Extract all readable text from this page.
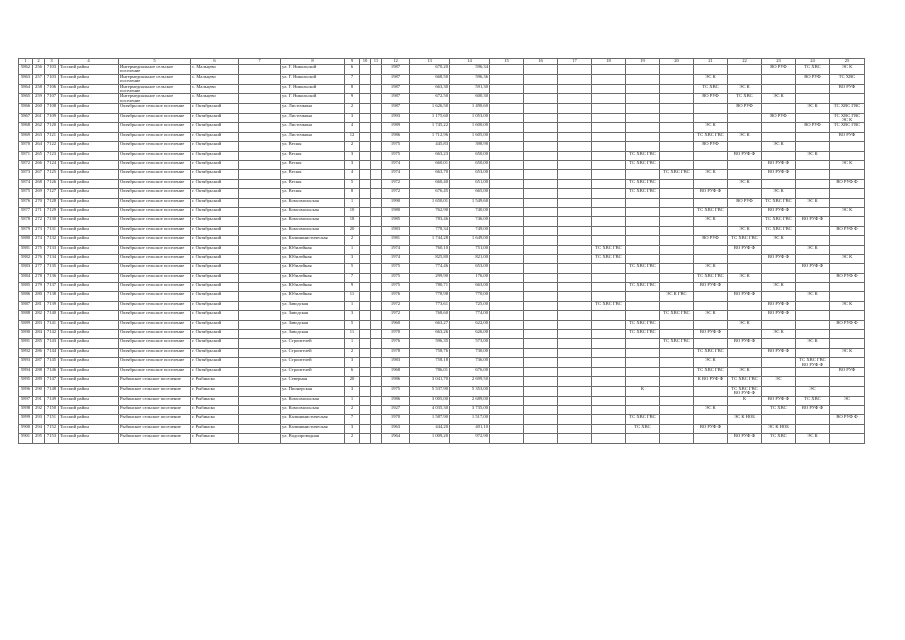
1	2	3	4	5	6	7	8	9	10	11	12	13	14	15	16	17	18	19	20	21	22	23	24	25
5862	256	7103	Тосский район	Интермедиальное сельское поселение	с. Мальцево		ул. Г. Никольской	6			1987	670,20	596,34									ВО РУФ	ТС ХВС	ЭС К
5863	257	7103	Тосский район	Интермедиальное сельское поселение	с. Мальцево		ул. Г. Никольской	7			1987	668,50	596,36							ЭС К			ВО РУФ	ТС ХВС
5864	258	7106	Тосский район	Интермедиальное сельское поселение	с. Мальцево		ул. Г. Никольской	8			1987	663,30	591,30							ТС ХВС	ЭС К			ВО РУФ
5865	259	7107	Тосский район	Интермедиальное сельское поселение	с. Мальцево		ул. Г. Никольской	9			1987	672,50	600,30							ВО РУФ	ТС ХВС	ЭС К		
5866	260	7108	Тосский район	Октябрьское сельское поселение	г. Октябрьский		ул. Листочкина	2			1987	1 626,50	1 490,60								ВО РУФ		ЭС К	ТС ХВС ГВС
5867	261	7109	Тосский район	Октябрьское сельское поселение	г. Октябрьский		ул. Листочкина	3			1993	1 175,60	1 053,00									ВО РУФ		ТС ХВС ГВС ЭС К
5868	262	7120	Тосский район	Октябрьское сельское поселение	г. Октябрьский		ул. Листочкина	4			1989	1 745,22	1 600,00							ЭС К			ВО РУФ	ТС ХВС ГВС
5869	263	7121	Тосский район	Октябрьское сельское поселение	г. Октябрьский		ул. Листочкина	12			1986	1 712,96	1 605,00							ТС ХВС ГВС	ЭС К			ВО РУФ
5870	264	7122	Тосский район	Октябрьское сельское поселение	г. Октябрьский		ул. Весны	2			1975	445,83	398,90							ВО РУФ		ЭС К		
5871	265	7123	Тосский район	Октябрьское сельское поселение	г. Октябрьский		ул. Весны	3			1975	663,23	650,00					ТС ХВС ГВС			ВО РУФ Ф		ЭС К	
5872	266	7124	Тосский район	Октябрьское сельское поселение	г. Октябрьский		ул. Весны	3			1974	660,01	650,00					ТС ХВС ГВС				ВО РУФ Ф		ЭС К
5873	267	7125	Тосский район	Октябрьское сельское поселение	г. Октябрьский		ул. Весны	4			1974	663,70	653,00						ТС ХВС ГВС	ЭС К		ВО РУФ Ф		
5874	268	7126	Тосский район	Октябрьское сельское поселение	г. Октябрьский		ул. Весны	5			1972	660,40	651,00					ТС ХВС ГВС			ЭС К			ВО РУФ Ф
5875	269	7127	Тосский район	Октябрьское сельское поселение	г. Октябрьский		ул. Весны	8			1972	676,45	665,00					ТС ХВС ГВС		ВО РУФ Ф		ЭС К		
5876	270	7128	Тосский район	Октябрьское сельское поселение	г. Октябрьский		ул. Комсомольская	1			1990	1 650,01	1 549,60								ВО РУФ	ТС ХВС ГВС	ЭС К	
5877	271	7129	Тосский район	Октябрьское сельское поселение	г. Октябрьский		ул. Комсомольская	10			1980	762,90	740,00							ТС ХВС ГВС		ВО РУФ Ф		ЭС К
5878	272	7130	Тосский район	Октябрьское сельское поселение	г. Октябрьский		ул. Комсомольская	18			1985	783,46	746,00							ЭС К		ТС ХВС ГВС	ВО РУФ Ф	
5879	273	7131	Тосский район	Октябрьское сельское поселение	г. Октябрьский		ул. Комсомольская	20			1983	778,34	749,00								ЭС К	ТС ХВС ГВС		ВО РУФ Ф
5880	274	7132	Тосский район	Октябрьское сельское поселение	г. Октябрьский		ул. Калининистическая	2			1981	1 744,28	1 649,00							ВО РУФ	ТС ХВС ГВС	ЭС К		
5881	275	7133	Тосский район	Октябрьское сельское поселение	г. Октябрьский		ул. Юбилейная	1			1974	760,10	751,00				ТС ХВС ГВС				ВО РУФ Ф		ЭС К	
5882	276	7134	Тосский район	Октябрьское сельское поселение	г. Октябрьский		ул. Юбилейная	3			1974	825,80	821,00				ТС ХВС ГВС					ВО РУФ Ф		ЭС К
5883	277	7135	Тосский район	Октябрьское сельское поселение	г. Октябрьский		ул. Юбилейная	5			1975	774,46	653,00					ТС ХВС ГВС		ЭС К			ВО РУФ Ф	
5884	278	7136	Тосский район	Октябрьское сельское поселение	г. Октябрьский		ул. Юбилейная	7			1975	299,90	176,00							ТС ХВС ГВС	ЭС К			ВО РУФ Ф
5885	279	7137	Тосский район	Октябрьское сельское поселение	г. Октябрьский		ул. Юбилейная	9			1975	780,71	663,00					ТС ХВС ГВС		ВО РУФ Ф		ЭС К		
5886	280	7138	Тосский район	Октябрьское сельское поселение	г. Октябрьский		ул. Юбилейная	11			1976	778,98	770,00						ЭС К ГВС		ВО РУФ Ф		ЭС К	
5887	281	7139	Тосский район	Октябрьское сельское поселение	г. Октябрьский		ул. Заводская	1			1972	773,61	725,00				ТС ХВС ГВС					ВО РУФ Ф		ЭС К
5888	282	7140	Тосский район	Октябрьское сельское поселение	г. Октябрьский		ул. Заводская	3			1972	768,60	774,00						ТС ХВС ГВС	ЭС К		ВО РУФ Ф		
5889	283	7141	Тосский район	Октябрьское сельское поселение	г. Октябрьский		ул. Заводская	5			1960	663,27	622,00					ТС ХВС ГВС			ЭС К			ВО РУФ Ф
5890	284	7142	Тосский район	Октябрьское сельское поселение	г. Октябрьский		ул. Заводская	11			1970	663,26	626,00					ТС ХВС ГВС		ВО РУФ Ф		ЭС К		
5891	285	7143	Тосский район	Октябрьское сельское поселение	г. Октябрьский		ул. Строителей	1			1976	596,35	573,00						ТС ХВС ГВС		ВО РУФ Ф		ЭС К	
5892	286	7144	Тосский район	Октябрьское сельское поселение	г. Октябрьский		ул. Строителей	2			1978	758,76	730,00							ТС ХВС ГВС		ВО РУФ Ф		ЭС К
5893	287	7145	Тосский район	Октябрьское сельское поселение	г. Октябрьский		ул. Строителей	3			1983	758,18	736,00							ЭС К			ТС ХВС ГВС ВО РУФ Ф	
5894	288	7146	Тосский район	Октябрьское сельское поселение	г. Октябрьский		ул. Строителей	6			1968	786,01	676,00							ТС ХВС ГВС	ЭС К			ВО РУФ
5895	289	7147	Тосский район	Рыбинское сельское поселение	г. Рыбинско		ул. Северная	20			1986	3 041,70	2 699,50							К ВО РУФ Ф	ТС ХВС ГВС	ЭС		
5896	290	7148	Тосский район	Рыбинское сельское поселение	г. Рыбинско		ул. Пионерская	3			1975	5 537,90	5 353,00					К			ТС ХВС ГВС ВО РУФ Ф		ЭС	
5897	291	7149	Тосский район	Рыбинское сельское поселение	г. Рыбинско		ул. Комсомольская	1			1986	3 005,00	2 689,00								К	ВО РУФ Ф	ТС ХВС	ЭС
5898	292	7150	Тосский район	Рыбинское сельское поселение	г. Рыбинско		ул. Комсомольская	2			1927	4 035,30	3 735,00							ЭС К		ТС ХВС	ВО РУФ Ф	
5899	293	7151	Тосский район	Рыбинское сельское поселение	г. Рыбинско		ул. Калининистическая	7			1970	1 587,90	1 517,00					ТС ХВС ГВС			ЭС К НОБ			ВО РУФ Ф
5900	294	7152	Тосский район	Рыбинское сельское поселение	г. Рыбинско		ул. Калининистическая	3			1963	444,20	401,10					ТС ХВС		ВО РУФ Ф		ЭС К НОБ		
5901	295	7153	Тосский район	Рыбинское сельское поселение	г. Рыбинско		ул. Водопроводная	2			1964	1 009,20	972,90								ВО РУФ Ф	ТС ХВС	ЭС К	
